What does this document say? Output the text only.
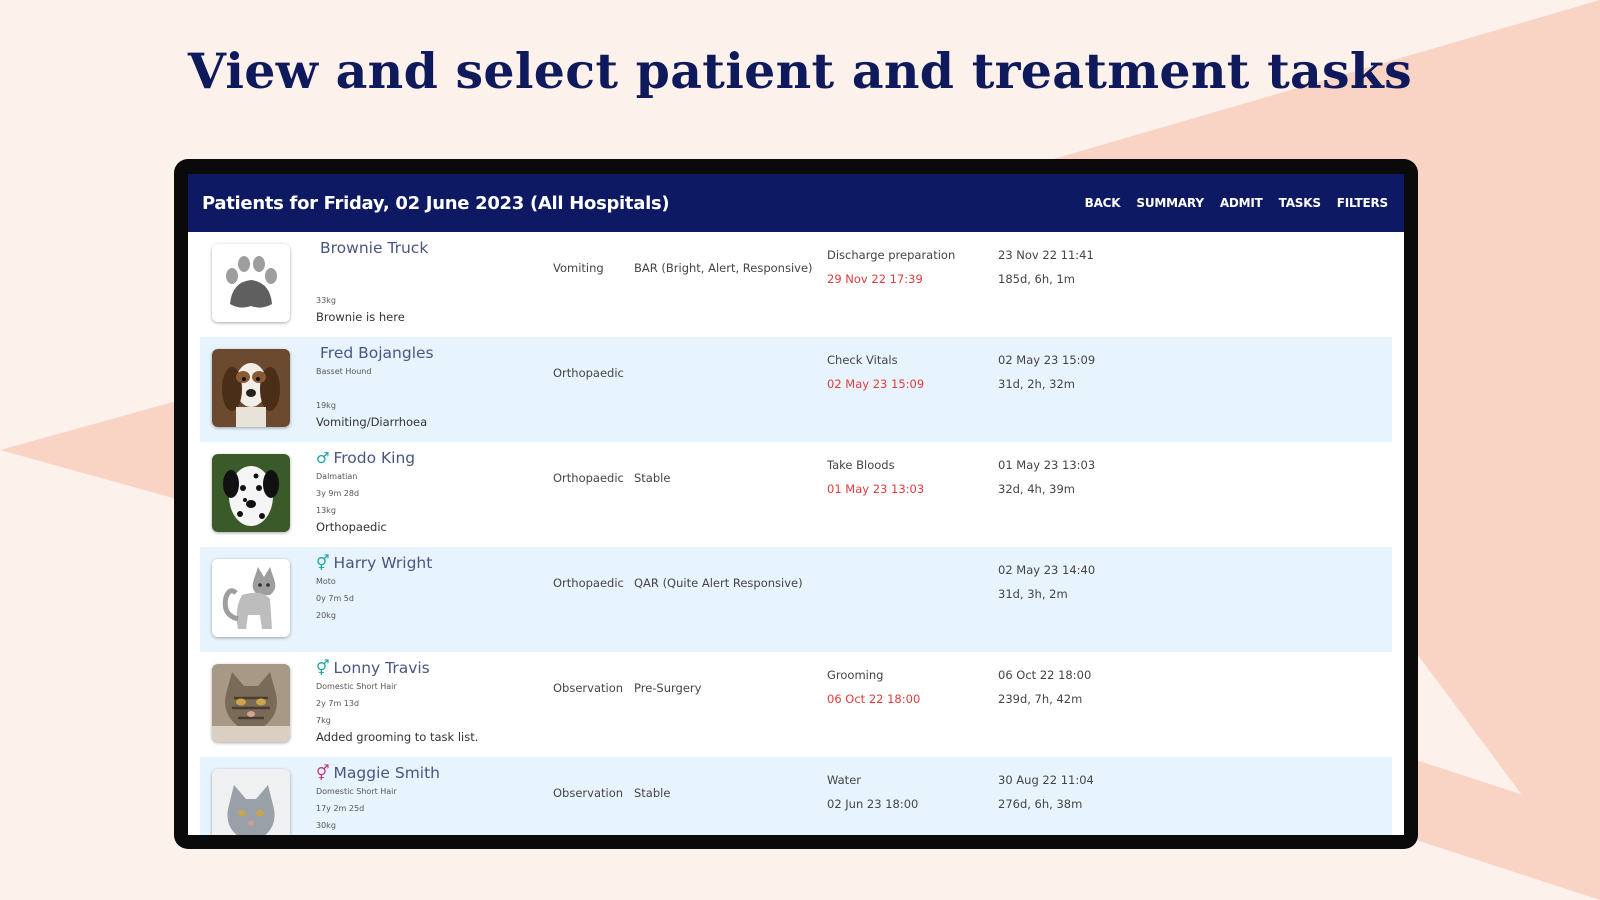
View and select patient and treatment tasks
Patients for Friday, 02 June 2023 (All Hospitals)	BACK SUMMARY ADMIT TASKS FILTERS
Brownie Truck
33kg
Brownie is here
Vomiting	BAR (Bright, Alert, Responsive)
Discharge preparation
29 Nov 22 17:39
23 Nov 22 11:41
185d, 6h, 1m
Fred Bojangles
Basset Hound
19kg
Vomiting/Diarrhoea
Orthopaedic
Check Vitals
02 May 23 15:09
02 May 23 15:09
31d, 2h, 32m
♂ Frodo King
Dalmatian
3y 9m 28d
13kg
Orthopaedic
Orthopaedic Stable
Take Bloods
01 May 23 13:03
01 May 23 13:03
32d, 4h, 39m
⚥ Harry Wright
Moto
0y 7m 5d
20kg
Orthopaedic QAR (Quite Alert Responsive)
02 May 23 14:40
31d, 3h, 2m
⚥ Lonny Travis
Domestic Short Hair
2y 7m 13d
7kg
Added grooming to task list.
Observation Pre-Surgery
Grooming
06 Oct 22 18:00
06 Oct 22 18:00
239d, 7h, 42m
⚥ Maggie Smith
Domestic Short Hair
17y 2m 25d
30kg
Observation Stable
Water
02 Jun 23 18:00
30 Aug 22 11:04
276d, 6h, 38m
